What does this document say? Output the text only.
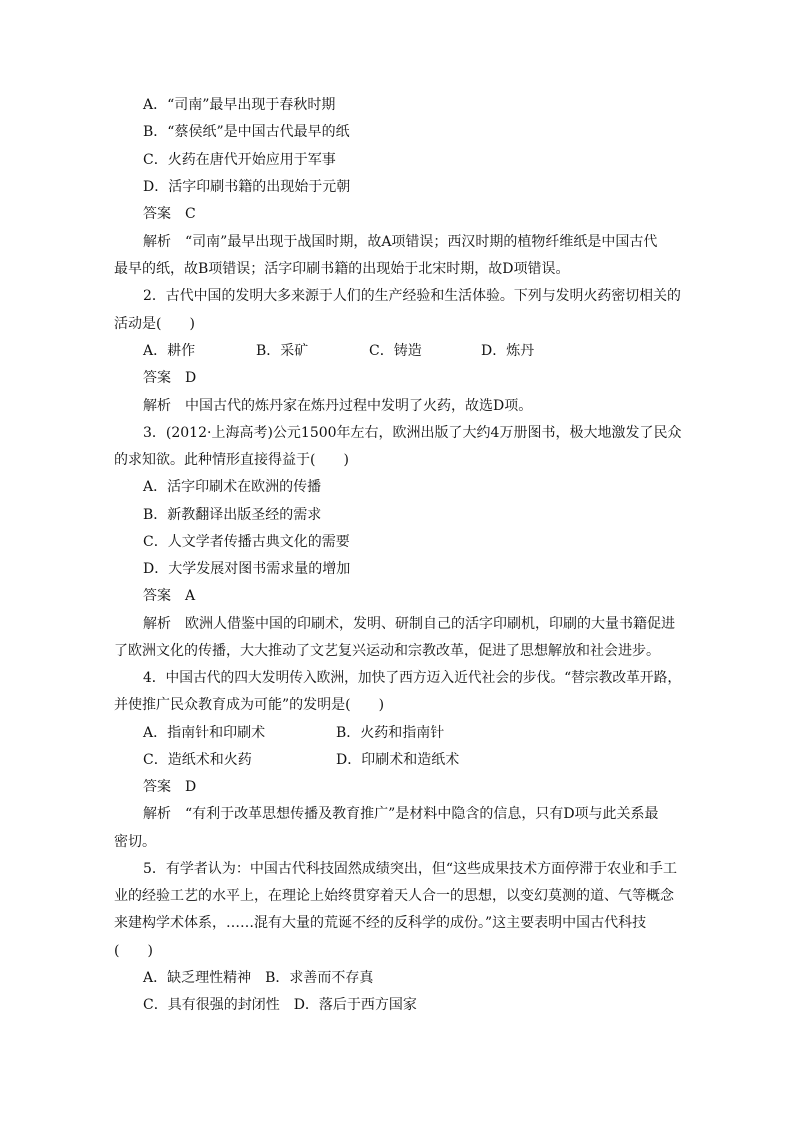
A．“司南”最早出现于春秋时期
B．“蔡侯纸”是中国古代最早的纸
C．火药在唐代开始应用于军事
D．活字印刷书籍的出现始于元朝
答案　C
解析　“司南”最早出现于战国时期，故A项错误；西汉时期的植物纤维纸是中国古代
最早的纸，故B项错误；活字印刷书籍的出现始于北宋时期，故D项错误。
2．古代中国的发明大多来源于人们的生产经验和生活体验。下列与发明火药密切相关的
活动是(　　)
A．耕作	B．采矿	C．铸造	D．炼丹
答案　D
解析　中国古代的炼丹家在炼丹过程中发明了火药，故选D项。
3．(2012·上海高考)公元1500年左右，欧洲出版了大约4万册图书，极大地激发了民众
的求知欲。此种情形直接得益于(　　)
A．活字印刷术在欧洲的传播
B．新教翻译出版圣经的需求
C．人文学者传播古典文化的需要
D．大学发展对图书需求量的增加
答案　A
解析　欧洲人借鉴中国的印刷术，发明、研制自己的活字印刷机，印刷的大量书籍促进
了欧洲文化的传播，大大推动了文艺复兴运动和宗教改革，促进了思想解放和社会进步。
4．中国古代的四大发明传入欧洲，加快了西方迈入近代社会的步伐。“替宗教改革开路，
并使推广民众教育成为可能”的发明是(　　)
A．指南针和印刷术	B．火药和指南针
C．造纸术和火药	D．印刷术和造纸术
答案　D
解析　“有利于改革思想传播及教育推广”是材料中隐含的信息，只有D项与此关系最
密切。
5．有学者认为：中国古代科技固然成绩突出，但“这些成果技术方面停滞于农业和手工
业的经验工艺的水平上，在理论上始终贯穿着天人合一的思想，以变幻莫测的道、气等概念
来建构学术体系，……混有大量的荒诞不经的反科学的成份。”这主要表明中国古代科技
(　　)
A．缺乏理性精神　B．求善而不存真
C．具有很强的封闭性　D．落后于西方国家
